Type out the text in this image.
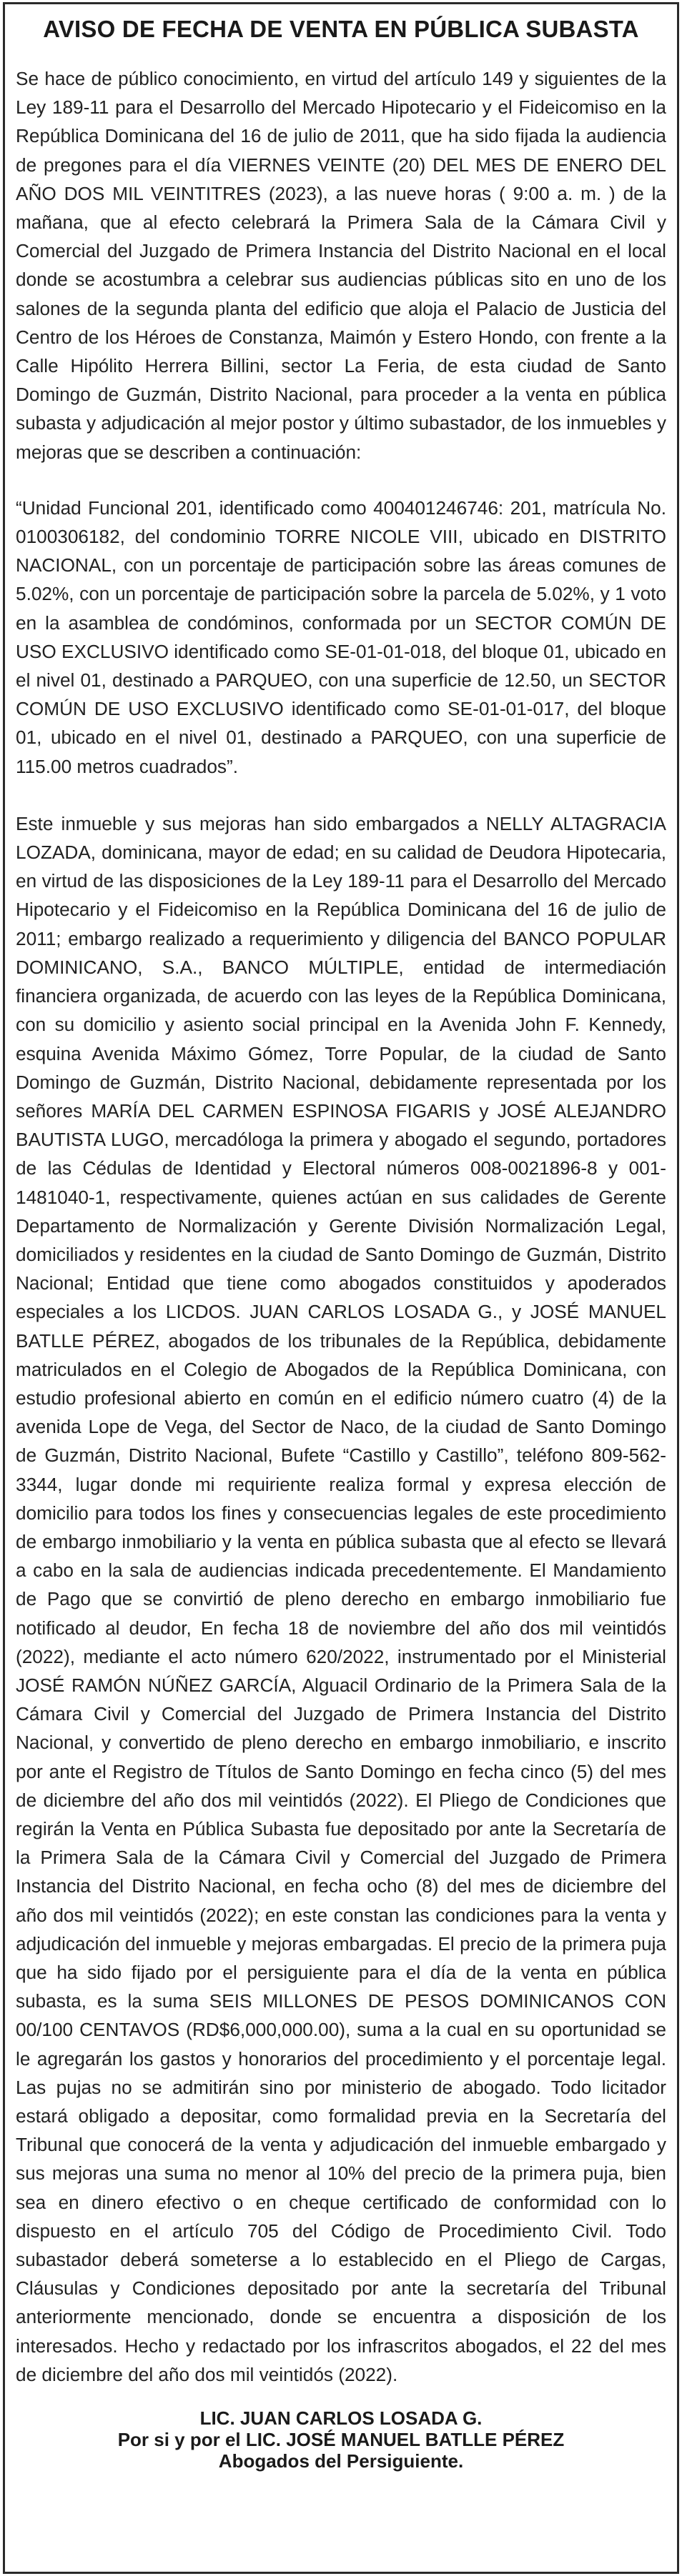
AVISO DE FECHA DE VENTA EN PÚBLICA SUBASTA

Se hace de público conocimiento, en virtud del artículo 149 y siguientes de la Ley 189-11 para el Desarrollo del Mercado Hipotecario y el Fideicomiso en la República Dominicana del 16 de julio de 2011, que ha sido fijada la audiencia de pregones para el día VIERNES VEINTE (20) DEL MES DE ENERO DEL AÑO DOS MIL VEINTITRES (2023), a las nueve horas ( 9:00 a. m. ) de la mañana, que al efecto celebrará la Primera Sala de la Cámara Civil y Comercial del Juzgado de Primera Instancia del Distrito Nacional en el local donde se acostumbra a celebrar sus audiencias públicas sito en uno de los salones de la segunda planta del edificio que aloja el Palacio de Justicia del Centro de los Héroes de Constanza, Maimón y Estero Hondo, con frente a la Calle Hipólito Herrera Billini, sector La Feria, de esta ciudad de Santo Domingo de Guzmán, Distrito Nacional, para proceder a la venta en pública subasta y adjudicación al mejor postor y último subastador, de los inmuebles y mejoras que se describen a continuación:

“Unidad Funcional 201, identificado como 400401246746: 201, matrícula No. 0100306182, del condominio TORRE NICOLE VIII, ubicado en DISTRITO NACIONAL, con un porcentaje de participación sobre las áreas comunes de 5.02%, con un porcentaje de participación sobre la parcela de 5.02%, y 1 voto en la asamblea de condóminos, conformada por un SECTOR COMÚN DE USO EXCLUSIVO identificado como SE-01-01-018, del bloque 01, ubicado en el nivel 01, destinado a PARQUEO, con una superficie de 12.50, un SECTOR COMÚN DE USO EXCLUSIVO identificado como SE-01-01-017, del bloque 01, ubicado en el nivel 01, destinado a PARQUEO, con una superficie de 115.00 metros cuadrados”.

Este inmueble y sus mejoras han sido embargados a NELLY ALTAGRACIA LOZADA, dominicana, mayor de edad; en su calidad de Deudora Hipotecaria, en virtud de las disposiciones de la Ley 189-11 para el Desarrollo del Mercado Hipotecario y el Fideicomiso en la República Dominicana del 16 de julio de 2011; embargo realizado a requerimiento y diligencia del BANCO POPULAR DOMINICANO, S.A., BANCO MÚLTIPLE, entidad de intermediación financiera organizada, de acuerdo con las leyes de la República Dominicana, con su domicilio y asiento social principal en la Avenida John F. Kennedy, esquina Avenida Máximo Gómez, Torre Popular, de la ciudad de Santo Domingo de Guzmán, Distrito Nacional, debidamente representada por los señores MARÍA DEL CARMEN ESPINOSA FIGARIS y JOSÉ ALEJANDRO BAUTISTA LUGO, mercadóloga la primera y abogado el segundo, portadores de las Cédulas de Identidad y Electoral números 008-0021896-8 y 001-1481040-1, respectivamente, quienes actúan en sus calidades de Gerente Departamento de Normalización y Gerente División Normalización Legal, domiciliados y residentes en la ciudad de Santo Domingo de Guzmán, Distrito Nacional; Entidad que tiene como abogados constituidos y apoderados especiales a los LICDOS. JUAN CARLOS LOSADA G., y JOSÉ MANUEL BATLLE PÉREZ, abogados de los tribunales de la República, debidamente matriculados en el Colegio de Abogados de la República Dominicana, con estudio profesional abierto en común en el edificio número cuatro (4) de la avenida Lope de Vega, del Sector de Naco, de la ciudad de Santo Domingo de Guzmán, Distrito Nacional, Bufete “Castillo y Castillo”, teléfono 809-562-3344, lugar donde mi requiriente realiza formal y expresa elección de domicilio para todos los fines y consecuencias legales de este procedimiento de embargo inmobiliario y la venta en pública subasta que al efecto se llevará a cabo en la sala de audiencias indicada precedentemente. El Mandamiento de Pago que se convirtió de pleno derecho en embargo inmobiliario fue notificado al deudor, En fecha 18 de noviembre del año dos mil veintidós (2022), mediante el acto número 620/2022, instrumentado por el Ministerial JOSÉ RAMÓN NÚÑEZ GARCÍA, Alguacil Ordinario de la Primera Sala de la Cámara Civil y Comercial del Juzgado de Primera Instancia del Distrito Nacional, y convertido de pleno derecho en embargo inmobiliario, e inscrito por ante el Registro de Títulos de Santo Domingo en fecha cinco (5) del mes de diciembre del año dos mil veintidós (2022). El Pliego de Condiciones que regirán la Venta en Pública Subasta fue depositado por ante la Secretaría de la Primera Sala de la Cámara Civil y Comercial del Juzgado de Primera Instancia del Distrito Nacional, en fecha ocho (8) del mes de diciembre del año dos mil veintidós (2022); en este constan las condiciones para la venta y adjudicación del inmueble y mejoras embargadas. El precio de la primera puja que ha sido fijado por el persiguiente para el día de la venta en pública subasta, es la suma SEIS MILLONES DE PESOS DOMINICANOS CON 00/100 CENTAVOS (RD$6,000,000.00), suma a la cual en su oportunidad se le agregarán los gastos y honorarios del procedimiento y el porcentaje legal. Las pujas no se admitirán sino por ministerio de abogado. Todo licitador estará obligado a depositar, como formalidad previa en la Secretaría del Tribunal que conocerá de la venta y adjudicación del inmueble embargado y sus mejoras una suma no menor al 10% del precio de la primera puja, bien sea en dinero efectivo o en cheque certificado de conformidad con lo dispuesto en el artículo 705 del Código de Procedimiento Civil. Todo subastador deberá someterse a lo establecido en el Pliego de Cargas, Cláusulas y Condiciones depositado por ante la secretaría del Tribunal anteriormente mencionado, donde se encuentra a disposición de los interesados. Hecho y redactado por los infrascritos abogados, el 22 del mes de diciembre del año dos mil veintidós (2022).

LIC. JUAN CARLOS LOSADA G.
Por si y por el LIC. JOSÉ MANUEL BATLLE PÉREZ
Abogados del Persiguiente.
